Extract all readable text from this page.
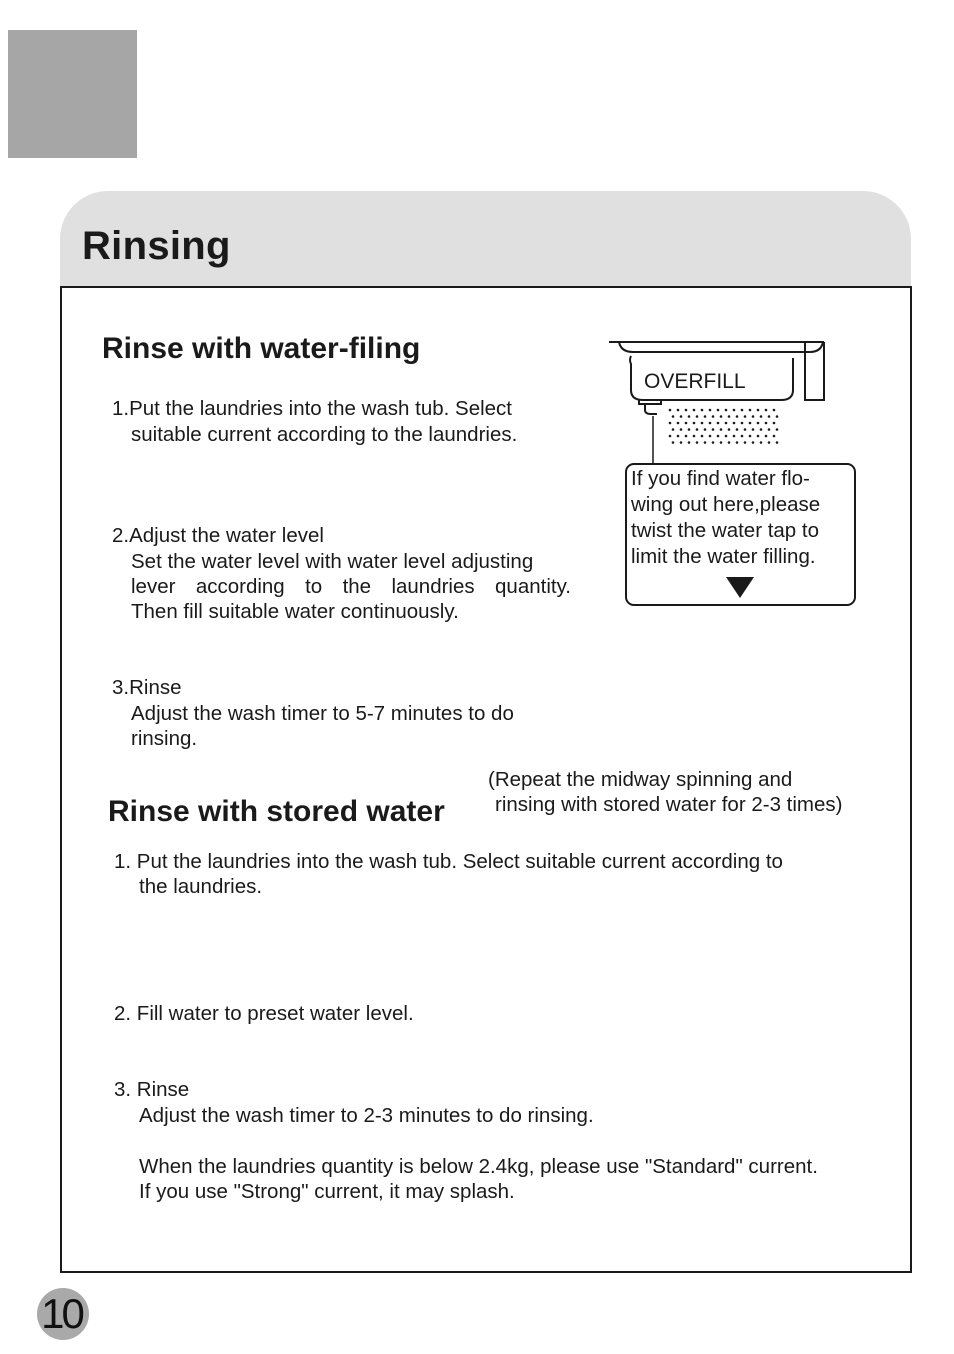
Rinsing
Rinse with water-filing
1.Put the laundries into the wash tub. Select
suitable current according to the laundries.
2.Adjust the water level
Set the water level with water level adjusting
lever according to the laundries quantity.
Then fill suitable water continuously.
3.Rinse
Adjust the wash timer to 5-7 minutes to do
rinsing.
OVERFILL
If you find water flo-
wing out here,please
twist the water tap to
limit the water filling.
(Repeat the midway spinning and
rinsing with stored water for 2-3 times)
Rinse with stored water
1. Put the laundries into the wash tub. Select suitable current according to
the laundries.
2. Fill water to preset water level.
3. Rinse
Adjust the wash timer to 2-3 minutes to do rinsing.
When the laundries quantity is below 2.4kg, please use "Standard" current.
If you use "Strong" current, it may splash.
10
